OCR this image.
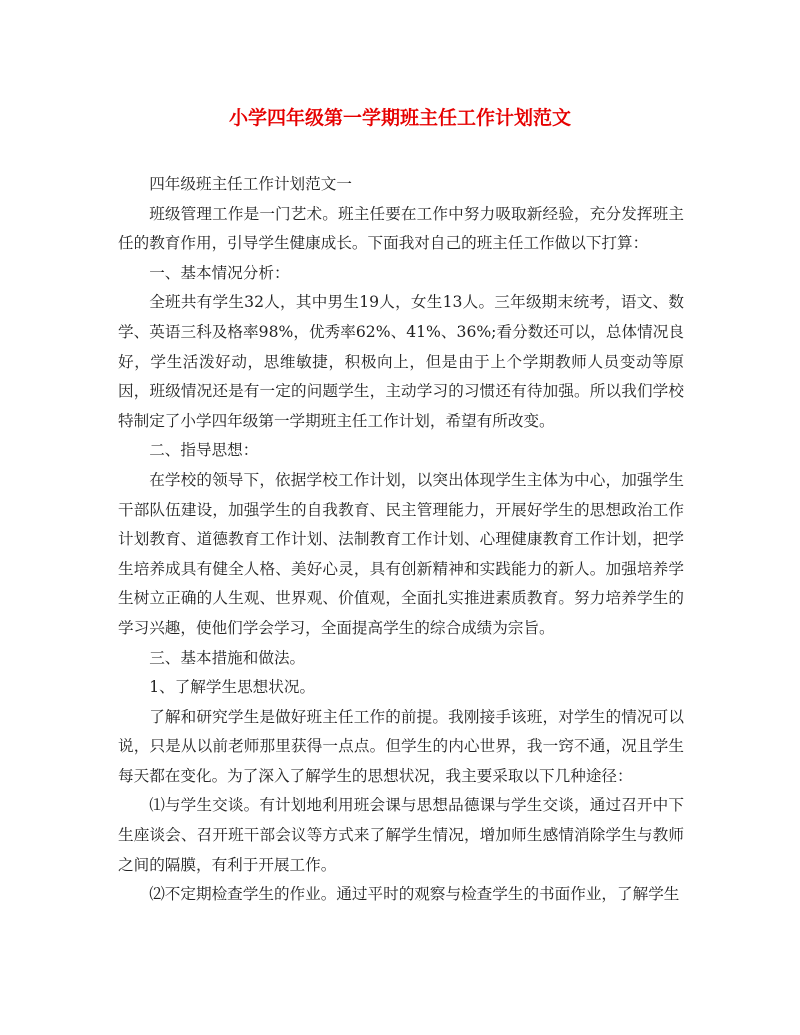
小学四年级第一学期班主任工作计划范文

四年级班主任工作计划范文一

班级管理工作是一门艺术。班主任要在工作中努力吸取新经验，充分发挥班主任的教育作用，引导学生健康成长。下面我对自己的班主任工作做以下打算：

一、基本情况分析：

全班共有学生32人，其中男生19人，女生13人。三年级期末统考，语文、数学、英语三科及格率98%，优秀率62%、41%、36%;看分数还可以，总体情况良好，学生活泼好动，思维敏捷，积极向上，但是由于上个学期教师人员变动等原因，班级情况还是有一定的问题学生，主动学习的习惯还有待加强。所以我们学校特制定了小学四年级第一学期班主任工作计划，希望有所改变。

二、指导思想：

在学校的领导下，依据学校工作计划，以突出体现学生主体为中心，加强学生干部队伍建设，加强学生的自我教育、民主管理能力，开展好学生的思想政治工作计划教育、道德教育工作计划、法制教育工作计划、心理健康教育工作计划，把学生培养成具有健全人格、美好心灵，具有创新精神和实践能力的新人。加强培养学生树立正确的人生观、世界观、价值观，全面扎实推进素质教育。努力培养学生的学习兴趣，使他们学会学习，全面提高学生的综合成绩为宗旨。

三、基本措施和做法。

1、了解学生思想状况。

了解和研究学生是做好班主任工作的前提。我刚接手该班，对学生的情况可以说，只是从以前老师那里获得一点点。但学生的内心世界，我一窍不通，况且学生每天都在变化。为了深入了解学生的思想状况，我主要采取以下几种途径：

⑴与学生交谈。有计划地利用班会课与思想品德课与学生交谈，通过召开中下生座谈会、召开班干部会议等方式来了解学生情况，增加师生感情消除学生与教师之间的隔膜，有利于开展工作。

⑵不定期检查学生的作业。通过平时的观察与检查学生的书面作业，了解学生
